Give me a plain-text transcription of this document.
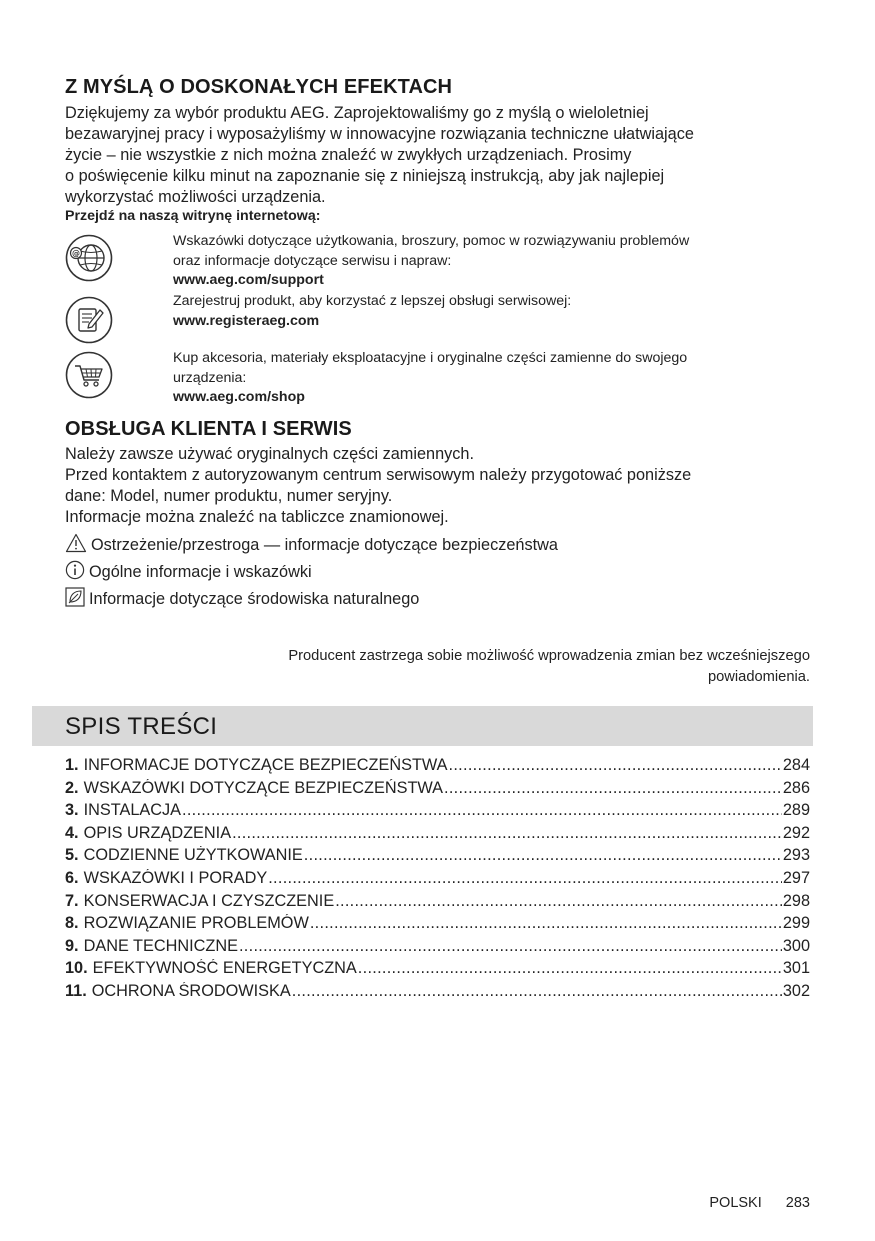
Z MYŚLĄ O DOSKONAŁYCH EFEKTACH

Dziękujemy za wybór produktu AEG. Zaprojektowaliśmy go z myślą o wieloletniej
bezawaryjnej pracy i wyposażyliśmy w innowacyjne rozwiązania techniczne ułatwiające
życie – nie wszystkie z nich można znaleźć w zwykłych urządzeniach. Prosimy
o poświęcenie kilku minut na zapoznanie się z niniejszą instrukcją, aby jak najlepiej
wykorzystać możliwości urządzenia.

Przejdź na naszą witrynę internetową:
@
Wskazówki dotyczące użytkowania, broszury, pomoc w rozwiązywaniu problemów
oraz informacje dotyczące serwisu i napraw:
www.aeg.com/support
Zarejestruj produkt, aby korzystać z lepszej obsługi serwisowej:
www.registeraeg.com
Kup akcesoria, materiały eksploatacyjne i oryginalne części zamienne do swojego
urządzenia:
www.aeg.com/shop
OBSŁUGA KLIENTA I SERWIS
Należy zawsze używać oryginalnych części zamiennych.
Przed kontaktem z autoryzowanym centrum serwisowym należy przygotować poniższe
dane: Model, numer produktu, numer seryjny.
Informacje można znaleźć na tabliczce znamionowej.
Ostrzeżenie/przestroga — informacje dotyczące bezpieczeństwa
Ogólne informacje i wskazówki
Informacje dotyczące środowiska naturalnego
Producent zastrzega sobie możliwość wprowadzenia zmian bez wcześniejszego
powiadomienia.
1. INFORMACJE DOTYCZĄCE BEZPIECZEŃSTWA .....	284
2. WSKAZÓWKI DOTYCZĄCE BEZPIECZEŃSTWA .....	286
3. INSTALACJA .....	289
4. OPIS URZĄDZENIA .....	292
5. CODZIENNE UŻYTKOWANIE .....	293
6. WSKAZÓWKI I PORADY .....	297
7. KONSERWACJA I CZYSZCZENIE .....	298
8. ROZWIĄZANIE PROBLEMÓW .....	299
9. DANE TECHNICZNE .....	300
10. EFEKTYWNOŚĆ ENERGETYCZNA .....	301
11. OCHRONA ŚRODOWISKA .....	302
SPIS TREŚCI
POLSKI 283
